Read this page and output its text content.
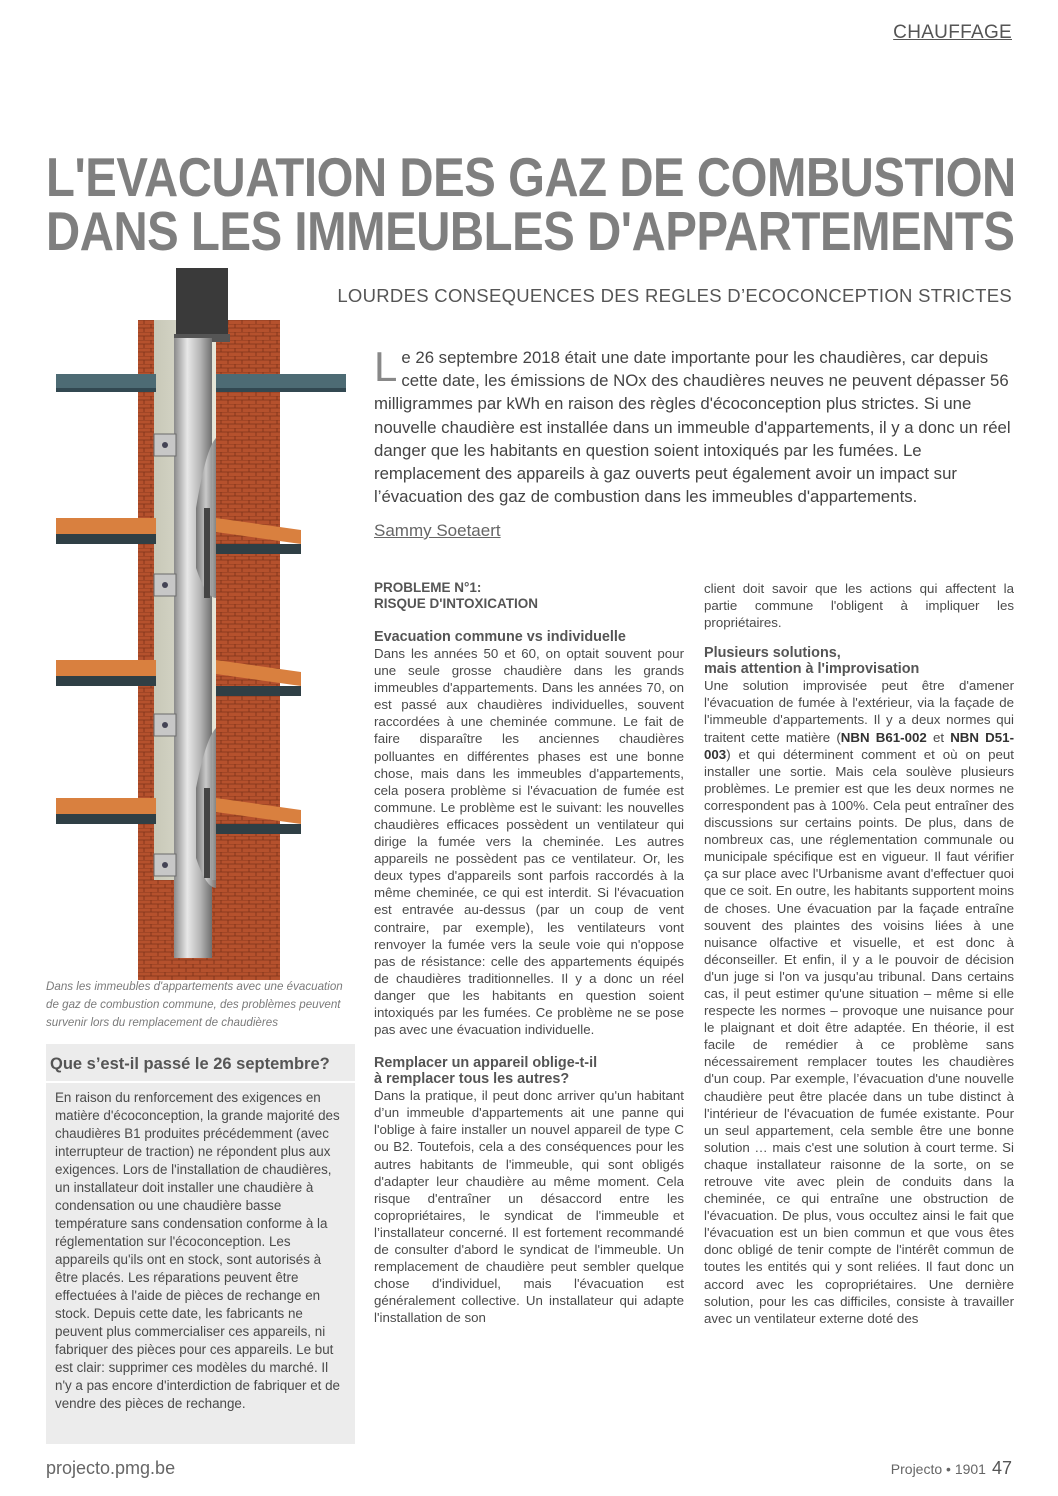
CHAUFFAGE
L'EVACUATION DES GAZ DE COMBUSTION
DANS LES IMMEUBLES D'APPARTEMENTS
LOURDES CONSEQUENCES DES REGLES D’ECOCONCEPTION STRICTES
Dans les immeubles d'appartements avec une évacuation de gaz de combustion commune, des problèmes peuvent survenir lors du remplacement de chaudières
Que s’est-il passé le 26 septembre?

En raison du renforcement des exigences en matière d'écoconception, la grande majorité des chaudières B1 produites précédemment (avec interrupteur de traction) ne répondent plus aux exigences. Lors de l'installation de chaudières, un installateur doit installer une chaudière à condensation ou une chaudière basse température sans condensation conforme à la réglementation sur l'écoconception. Les appareils qu'ils ont en stock, sont autorisés à être placés. Les réparations peuvent être effectuées à l'aide de pièces de rechange en stock. Depuis cette date, les fabricants ne peuvent plus commercialiser ces appareils, ni fabriquer des pièces pour ces appareils. Le but est clair: supprimer ces modèles du marché. Il n'y a pas encore d'interdiction de fabriquer et de vendre des pièces de rechange.

Le 26 septembre 2018 était une date importante pour les chaudières, car depuis cette date, les émissions de NOx des chaudières neuves ne peuvent dépasser 56 milligrammes par kWh en raison des règles d'écoconception plus strictes. Si une nouvelle chaudière est installée dans un immeuble d'appartements, il y a donc un réel danger que les habitants en question soient intoxiqués par les fumées. Le remplacement des appareils à gaz ouverts peut également avoir un impact sur l’évacuation des gaz de combustion dans les immeubles d'appartements.
Sammy Soetaert
PROBLEME N°1:
RISQUE D'INTOXICATION
Evacuation commune vs individuelle

Dans les années 50 et 60, on optait souvent pour une seule grosse chaudière dans les grands immeubles d'appartements. Dans les années 70, on est passé aux chaudières individuelles, souvent raccordées à une cheminée commune. Le fait de faire disparaître les anciennes chaudières polluantes en différentes phases est une bonne chose, mais dans les immeubles d'appartements, cela posera problème si l'évacuation de fumée est commune. Le problème est le suivant: les nouvelles chaudières efficaces possèdent un ventilateur qui dirige la fumée vers la cheminée. Les autres appareils ne possèdent pas ce ventilateur. Or, les deux types d'appareils sont parfois raccordés à la même cheminée, ce qui est interdit. Si l'évacuation est entravée au-dessus (par un coup de vent contraire, par exemple), les ventilateurs vont renvoyer la fumée vers la seule voie qui n'oppose pas de résistance: celle des appartements équipés de chaudières traditionnelles. Il y a donc un réel danger que les habitants en question soient intoxiqués par les fumées. Ce problème ne se pose pas avec une évacuation individuelle.

Remplacer un appareil oblige-t-il
à remplacer tous les autres?

Dans la pratique, il peut donc arriver qu'un habitant d’un immeuble d'appartements ait une panne qui l'oblige à faire installer un nouvel appareil de type C ou B2. Toutefois, cela a des conséquences pour les autres habitants de l'immeuble, qui sont obligés d'adapter leur chaudière au même moment. Cela risque d'entraîner un désaccord entre les copropriétaires, le syndicat de l'immeuble et l’installateur concerné. Il est fortement recommandé de consulter d'abord le syndicat de l'immeuble. Un remplacement de chaudière peut sembler quelque chose d'individuel, mais l'évacuation est généralement collective. Un installateur qui adapte l'installation de son

client doit savoir que les actions qui affectent la partie commune l'obligent à impliquer les propriétaires.

Plusieurs solutions,
mais attention à l'improvisation

Une solution improvisée peut être d'amener l'évacuation de fumée à l'extérieur, via la façade de l'immeuble d'appartements. Il y a deux normes qui traitent cette matière (NBN B61-002 et NBN D51-003) et qui déterminent comment et où on peut installer une sortie. Mais cela soulève plusieurs problèmes. Le premier est que les deux normes ne correspondent pas à 100%. Cela peut entraîner des discussions sur certains points. De plus, dans de nombreux cas, une réglementation communale ou municipale spécifique est en vigueur. Il faut vérifier ça sur place avec l'Urbanisme avant d'effectuer quoi que ce soit. En outre, les habitants supportent moins de choses. Une évacuation par la façade entraîne souvent des plaintes des voisins liées à une nuisance olfactive et visuelle, et est donc à déconseiller. Et enfin, il y a le pouvoir de décision d'un juge si l'on va jusqu'au tribunal. Dans certains cas, il peut estimer qu'une situation – même si elle respecte les normes – provoque une nuisance pour le plaignant et doit être adaptée. En théorie, il est facile de remédier à ce problème sans nécessairement remplacer toutes les chaudières d'un coup. Par exemple, l’évacuation d'une nouvelle chaudière peut être placée dans un tube distinct à l'intérieur de l'évacuation de fumée existante. Pour un seul appartement, cela semble être une bonne solution … mais c'est une solution à court terme. Si chaque installateur raisonne de la sorte, on se retrouve vite avec plein de conduits dans la cheminée, ce qui entraîne une obstruction de l'évacuation. De plus, vous occultez ainsi le fait que l'évacuation est un bien commun et que vous êtes donc obligé de tenir compte de l'intérêt commun de toutes les entités qui y sont reliées. Il faut donc un accord avec les copropriétaires. Une dernière solution, pour les cas difficiles, consiste à travailler avec un ventilateur externe doté des

projecto.pmg.be	Projecto • 1901 47
